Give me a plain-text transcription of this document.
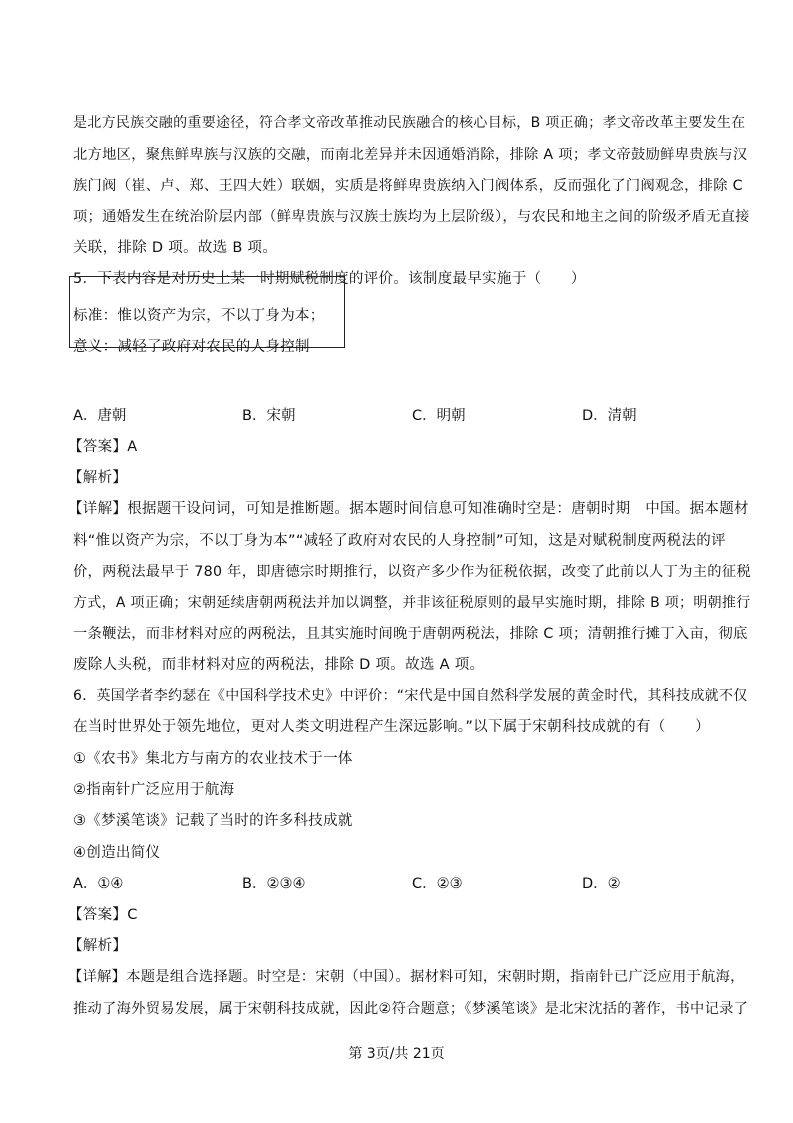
是北方民族交融的重要途径，符合孝文帝改革推动民族融合的核心目标，B 项正确；孝文帝改革主要发生在
北方地区，聚焦鲜卑族与汉族的交融，而南北差异并未因通婚消除，排除 A 项；孝文帝鼓励鲜卑贵族与汉
族门阀（崔、卢、郑、王四大姓）联姻，实质是将鲜卑贵族纳入门阀体系，反而强化了门阀观念，排除 C
项；通婚发生在统治阶层内部（鲜卑贵族与汉族士族均为上层阶级），与农民和地主之间的阶级矛盾无直接
关联，排除 D 项。故选 B 项。
5．下表内容是对历史上某一时期赋税制度的评价。该制度最早实施于（　　）
标准：惟以资产为宗，不以丁身为本；
意义：减轻了政府对农民的人身控制
A．唐朝	B．宋朝	C．明朝	D．清朝
【答案】A
【解析】
【详解】根据题干设问词，可知是推断题。据本题时间信息可知准确时空是：唐朝时期　中国。据本题材
料“惟以资产为宗，不以丁身为本”“减轻了政府对农民的人身控制”可知，这是对赋税制度两税法的评
价，两税法最早于 780 年，即唐德宗时期推行，以资产多少作为征税依据，改变了此前以人丁为主的征税
方式，A 项正确；宋朝延续唐朝两税法并加以调整，并非该征税原则的最早实施时期，排除 B 项；明朝推行
一条鞭法，而非材料对应的两税法，且其实施时间晚于唐朝两税法，排除 C 项；清朝推行摊丁入亩，彻底
废除人头税，而非材料对应的两税法，排除 D 项。故选 A 项。
6．英国学者李约瑟在《中国科学技术史》中评价：“宋代是中国自然科学发展的黄金时代，其科技成就不仅
在当时世界处于领先地位，更对人类文明进程产生深远影响。”以下属于宋朝科技成就的有（　　）
①《农书》集北方与南方的农业技术于一体
②指南针广泛应用于航海
③《梦溪笔谈》记载了当时的许多科技成就
④创造出简仪
A．①④	B．②③④	C．②③	D．②
【答案】C
【解析】
【详解】本题是组合选择题。时空是：宋朝（中国）。据材料可知，宋朝时期，指南针已广泛应用于航海，
推动了海外贸易发展，属于宋朝科技成就，因此②符合题意；《梦溪笔谈》是北宋沈括的著作，书中记录了
第 3页/共 21页
